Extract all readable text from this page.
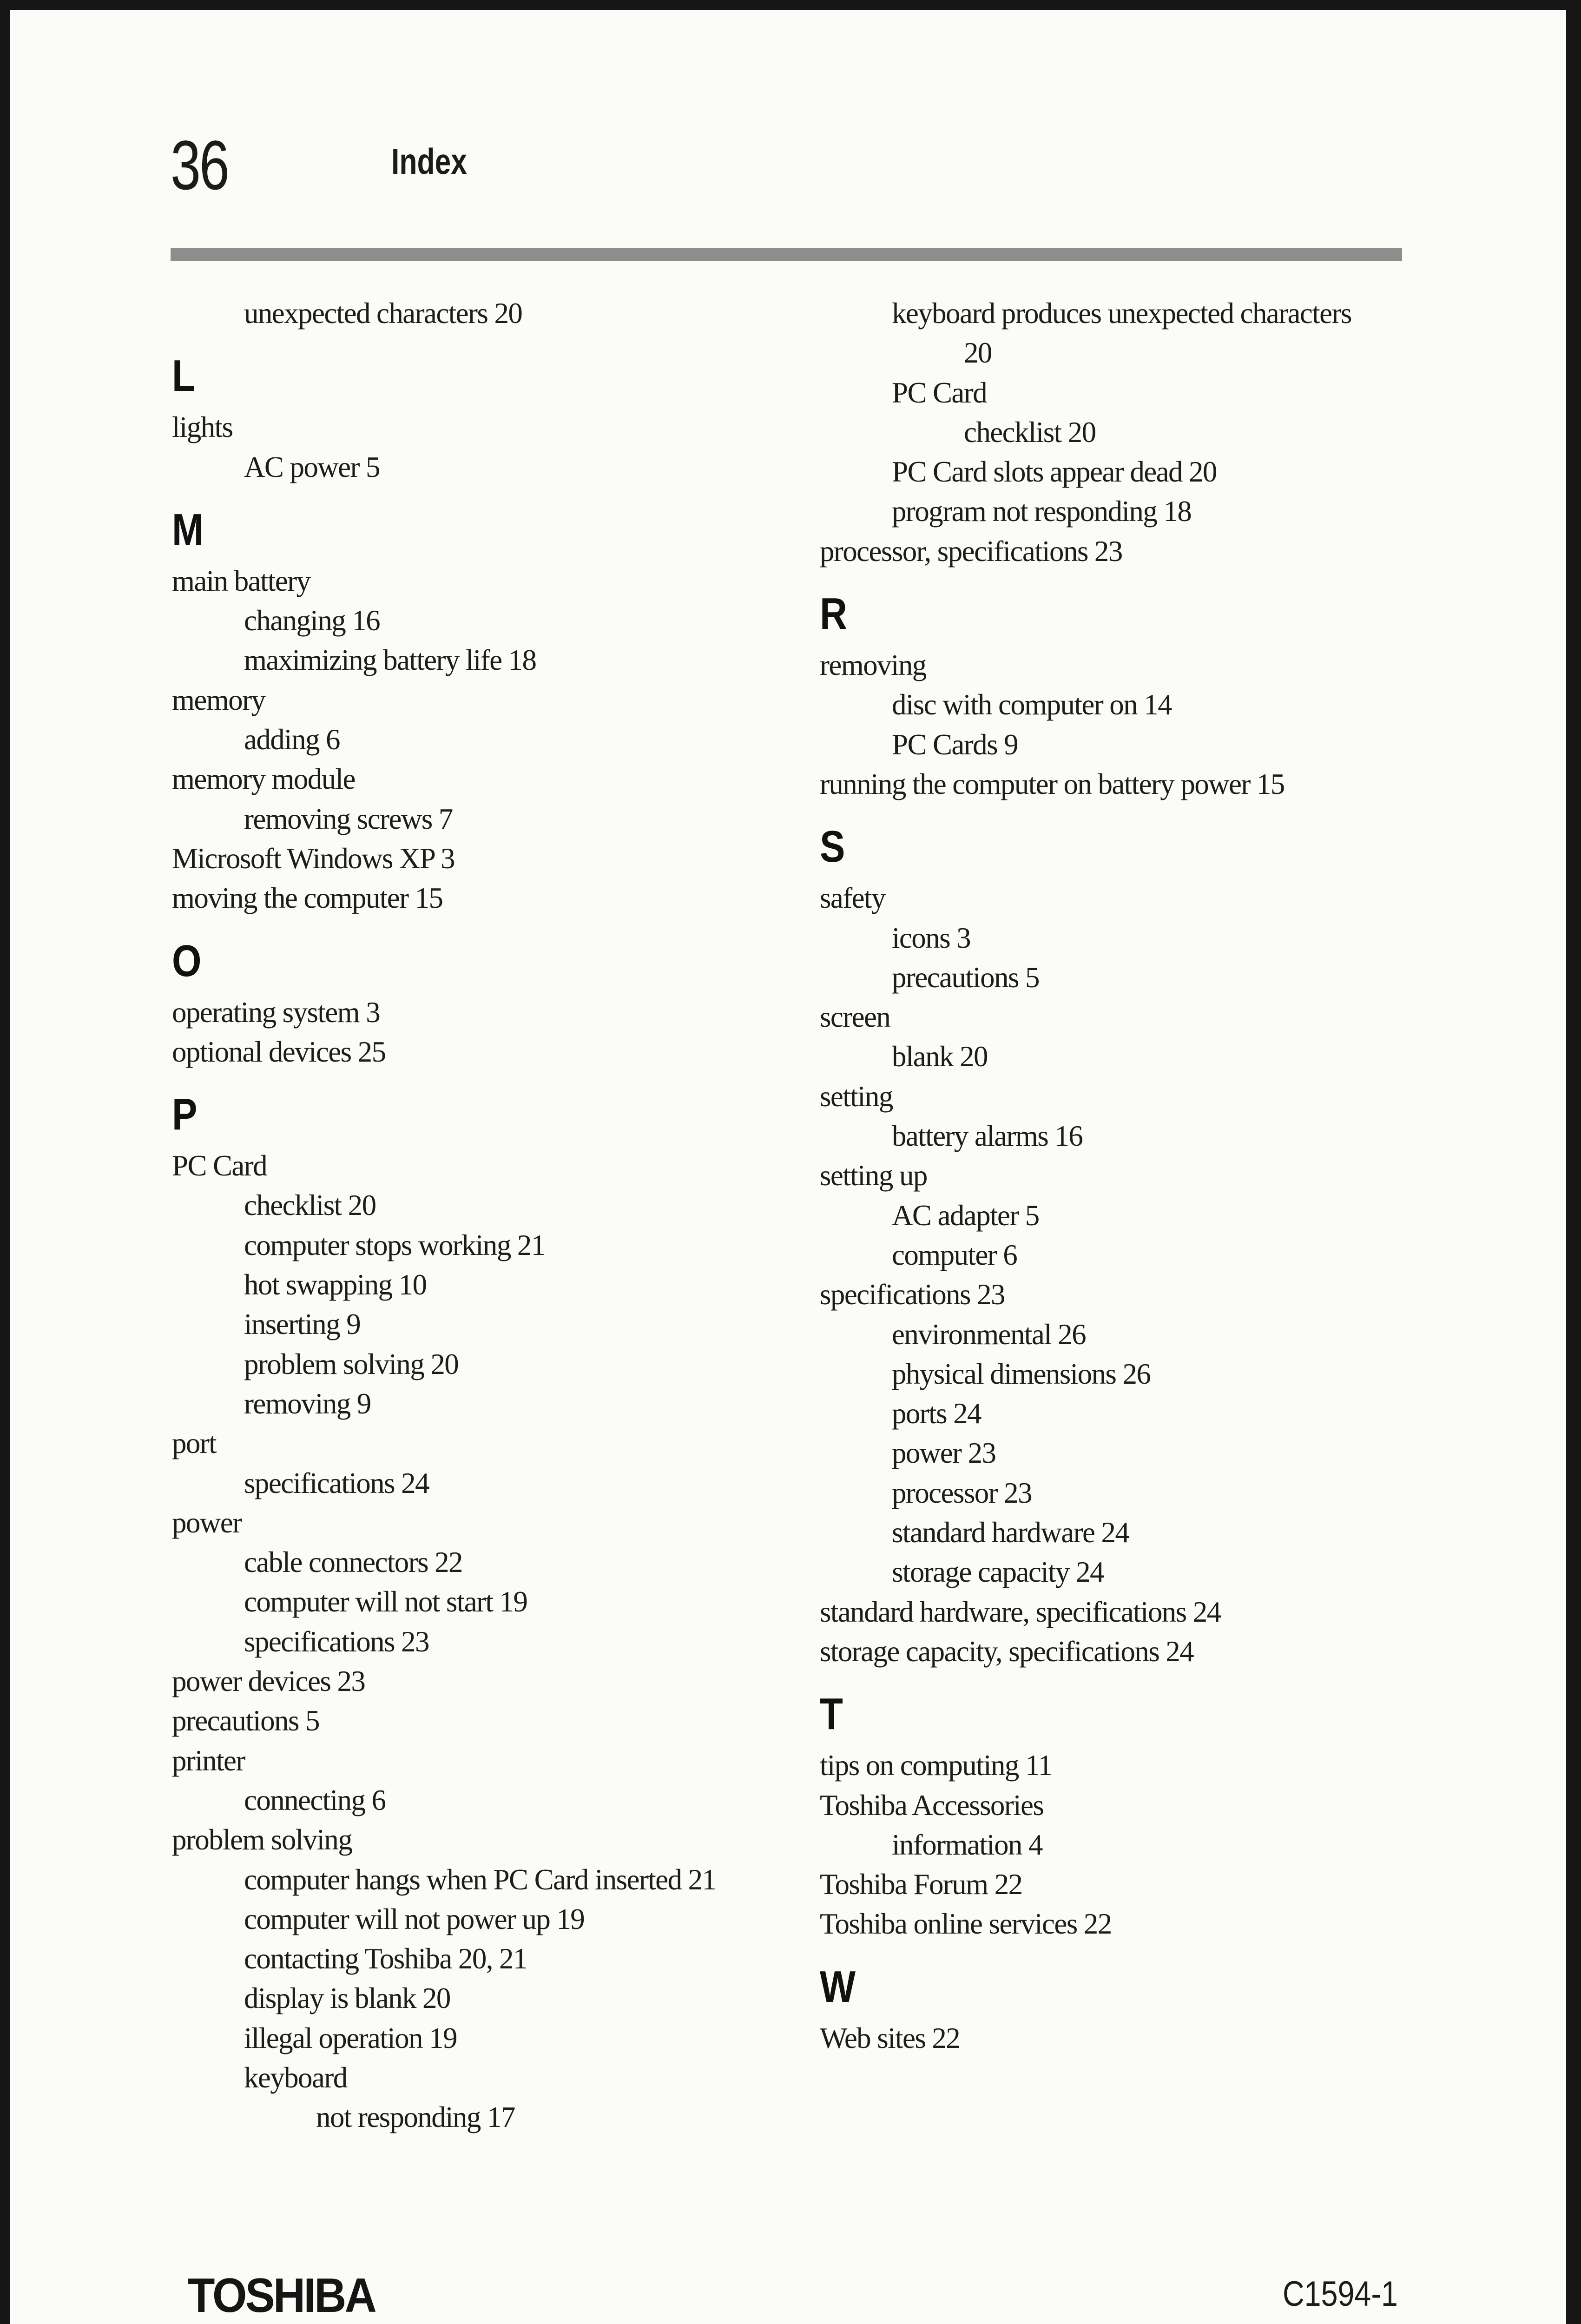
36	Index
unexpected characters 20
L
lights
AC power 5
M
main battery
changing 16
maximizing battery life 18
memory
adding 6
memory module
removing screws 7
Microsoft Windows XP 3
moving the computer 15
O
operating system 3
optional devices 25
P
PC Card
checklist 20
computer stops working 21
hot swapping 10
inserting 9
problem solving 20
removing 9
port
specifications 24
power
cable connectors 22
computer will not start 19
specifications 23
power devices 23
precautions 5
printer
connecting 6
problem solving
computer hangs when PC Card inserted 21
computer will not power up 19
contacting Toshiba 20, 21
display is blank 20
illegal operation 19
keyboard
not responding 17
keyboard produces unexpected characters
20
PC Card
checklist 20
PC Card slots appear dead 20
program not responding 18
processor, specifications 23
R
removing
disc with computer on 14
PC Cards 9
running the computer on battery power 15
S
safety
icons 3
precautions 5
screen
blank 20
setting
battery alarms 16
setting up
AC adapter 5
computer 6
specifications 23
environmental 26
physical dimensions 26
ports 24
power 23
processor 23
standard hardware 24
storage capacity 24
standard hardware, specifications 24
storage capacity, specifications 24
T
tips on computing 11
Toshiba Accessories
information 4
Toshiba Forum 22
Toshiba online services 22
W
Web sites 22
TOSHIBA	C1594-1
